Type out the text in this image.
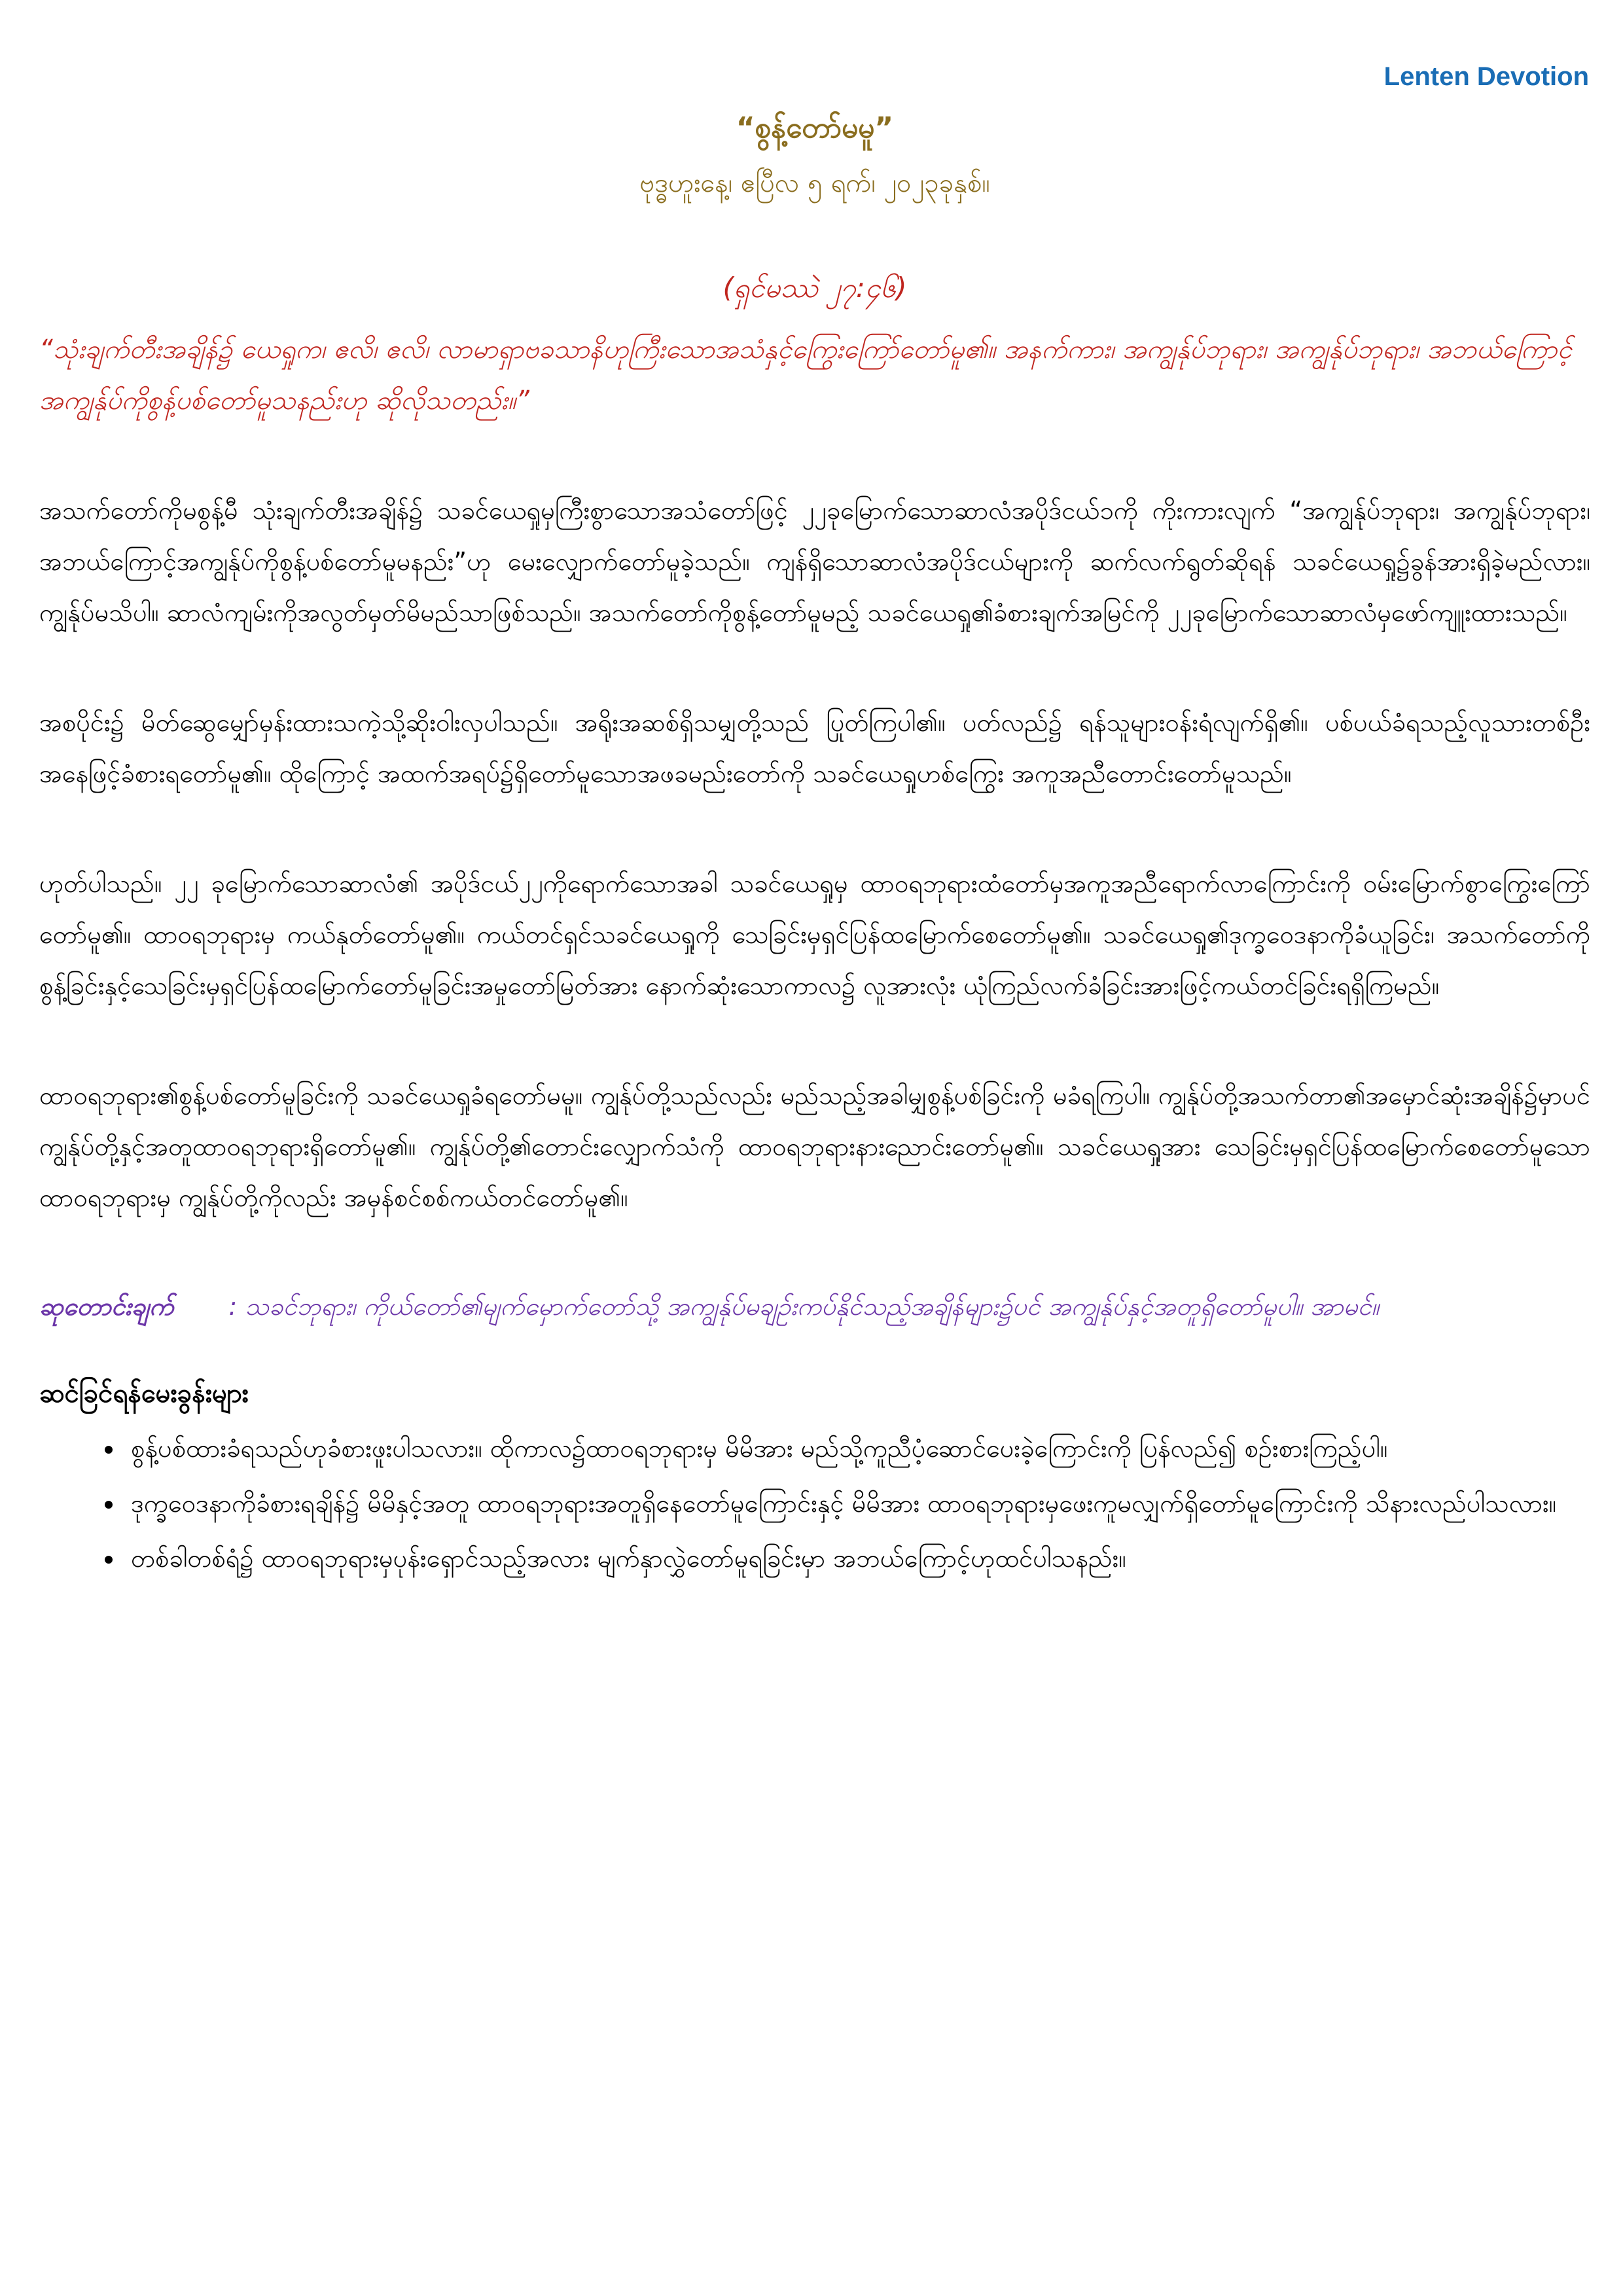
Lenten Devotion
“စွန့်တော်မမူ”
ဗုဒ္ဓဟူးနေ့၊ ဧပြီလ ၅ ရက်၊ ၂၀၂၃ခုနှစ်။
(ရှင်မဿဲ ၂၇:၄၆)
“သုံးချက်တီးအချိန်၌ ယေရှုက၊ ဧလိ၊ ဧလိ၊ လာမာရှာဗခသာနိဟုကြီးသောအသံနှင့်ကြွေးကြော်တော်မူ၏။ အနက်ကား၊ အကျွန်ုပ်ဘုရား၊ အကျွန်ုပ်ဘုရား၊ အဘယ်ကြောင့်အကျွန်ုပ်ကိုစွန့်ပစ်တော်မူသနည်းဟု ဆိုလိုသတည်း။”
အသက်တော်ကိုမစွန့်မီ သုံးချက်တီးအချိန်၌ သခင်ယေရှုမှကြီးစွာသောအသံတော်ဖြင့် ၂၂ခုမြောက်သောဆာလံအပိုဒ်ငယ်၁ကို ကိုးကားလျက် “အကျွန်ုပ်ဘုရား၊ အကျွန်ုပ်ဘုရား၊ အဘယ်ကြောင့်အကျွန်ုပ်ကိုစွန့်ပစ်တော်မူမနည်း”ဟု မေးလျှောက်တော်မူခဲ့သည်။ ကျန်ရှိသောဆာလံအပိုဒ်ငယ်များကို ဆက်လက်ရွတ်ဆိုရန် သခင်ယေရှု၌ခွန်အားရှိခဲ့မည်လား။ ကျွန်ုပ်မသိပါ။ ဆာလံကျမ်းကိုအလွတ်မှတ်မိမည်သာဖြစ်သည်။ အသက်တော်ကိုစွန့်တော်မူမည့် သခင်ယေရှု၏ခံစားချက်အမြင်ကို ၂၂ခုမြောက်သောဆာလံမှဖော်ကျူးထားသည်။
အစပိုင်း၌ မိတ်ဆွေမျှော်မှန်းထားသကဲ့သို့ဆိုးဝါးလှပါသည်။ အရိုးအဆစ်ရှိသမျှတို့သည် ပြုတ်ကြပါ၏။ ပတ်လည်၌ ရန်သူများဝန်းရံလျက်ရှိ၏။ ပစ်ပယ်ခံရသည့်လူသားတစ်ဦးအနေဖြင့်ခံစားရတော်မူ၏။ ထိုကြောင့် အထက်အရပ်၌ရှိတော်မူသောအဖခမည်းတော်ကို သခင်ယေရှုဟစ်ကြွေး အကူအညီတောင်းတော်မူသည်။
ဟုတ်ပါသည်။ ၂၂ ခုမြောက်သောဆာလံ၏ အပိုဒ်ငယ်၂၂ကိုရောက်သောအခါ သခင်ယေရှုမှ ထာဝရဘုရားထံတော်မှအကူအညီရောက်လာကြောင်းကို ဝမ်းမြောက်စွာကြွေးကြော်တော်မူ၏။ ထာဝရဘုရားမှ ကယ်နုတ်တော်မူ၏။ ကယ်တင်ရှင်သခင်ယေရှုကို သေခြင်းမှရှင်ပြန်ထမြောက်စေတော်မူ၏။ သခင်ယေရှု၏ဒုက္ခဝေဒနာကိုခံယူခြင်း၊ အသက်တော်ကိုစွန့်ခြင်းနှင့်သေခြင်းမှရှင်ပြန်ထမြောက်တော်မူခြင်းအမှုတော်မြတ်အား နောက်ဆုံးသောကာလ၌ လူအားလုံး ယုံကြည်လက်ခံခြင်းအားဖြင့်ကယ်တင်ခြင်းရရှိကြမည်။
ထာဝရဘုရား၏စွန့်ပစ်တော်မူခြင်းကို သခင်ယေရှုခံရတော်မမူ။ ကျွန်ုပ်တို့သည်လည်း မည်သည့်အခါမျှစွန့်ပစ်ခြင်းကို မခံရကြပါ။ ကျွန်ုပ်တို့အသက်တာ၏အမှောင်ဆုံးအချိန်၌မှာပင် ကျွန်ုပ်တို့နှင့်အတူထာဝရဘုရားရှိတော်မူ၏။ ကျွန်ုပ်တို့၏တောင်းလျှောက်သံကို ထာဝရဘုရားနားညောင်းတော်မူ၏။ သခင်ယေရှုအား သေခြင်းမှရှင်ပြန်ထမြောက်စေတော်မူသောထာဝရဘုရားမှ ကျွန်ုပ်တို့ကိုလည်း အမှန်စင်စစ်ကယ်တင်တော်မူ၏။
ဆုတောင်းချက် : သခင်ဘုရား၊ ကိုယ်တော်၏မျက်မှောက်တော်သို့ အကျွန်ုပ်မချဉ်းကပ်နိုင်သည့်အချိန်များ၌ပင် အကျွန်ုပ်နှင့်အတူရှိတော်မူပါ။ အာမင်။
ဆင်ခြင်ရန်မေးခွန်းများ
• စွန့်ပစ်ထားခံရသည်ဟုခံစားဖူးပါသလား။ ထိုကာလ၌ထာဝရဘုရားမှ မိမိအား မည်သို့ကူညီပံ့ဆောင်ပေးခဲ့ကြောင်းကို ပြန်လည်၍ စဉ်းစားကြည့်ပါ။
• ဒုက္ခဝေဒနာကိုခံစားရချိန်၌ မိမိနှင့်အတူ ထာဝရဘုရားအတူရှိနေတော်မူကြောင်းနှင့် မိမိအား ထာဝရဘုရားမှဖေးကူမလျှက်ရှိတော်မူကြောင်းကို သိနားလည်ပါသလား။
• တစ်ခါတစ်ရံ၌ ထာဝရဘုရားမှပုန်းရှောင်သည့်အလား မျက်နှာလွှဲတော်မူရခြင်းမှာ အဘယ်ကြောင့်ဟုထင်ပါသနည်း။
